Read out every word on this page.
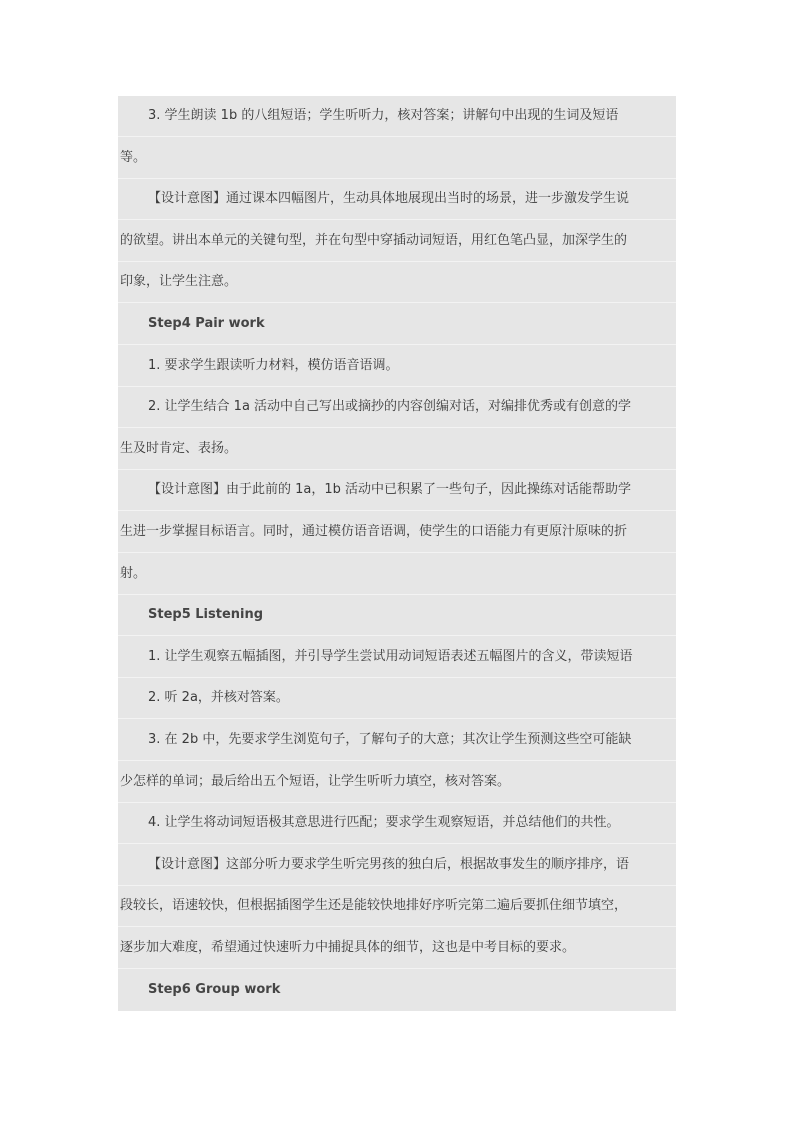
3. 学生朗读 1b 的八组短语；学生听听力，核对答案；讲解句中出现的生词及短语
等。
【设计意图】通过课本四幅图片，生动具体地展现出当时的场景，进一步激发学生说
的欲望。讲出本单元的关键句型，并在句型中穿插动词短语，用红色笔凸显，加深学生的
印象，让学生注意。
Step4 Pair work
1. 要求学生跟读听力材料，模仿语音语调。
2. 让学生结合 1a 活动中自己写出或摘抄的内容创编对话，对编排优秀或有创意的学
生及时肯定、表扬。
【设计意图】由于此前的 1a，1b 活动中已积累了一些句子，因此操练对话能帮助学
生进一步掌握目标语言。同时，通过模仿语音语调，使学生的口语能力有更原汁原味的折
射。
Step5 Listening
1. 让学生观察五幅插图，并引导学生尝试用动词短语表述五幅图片的含义，带读短语
2. 听 2a，并核对答案。
3. 在 2b 中，先要求学生浏览句子，了解句子的大意；其次让学生预测这些空可能缺
少怎样的单词；最后给出五个短语，让学生听听力填空，核对答案。
4. 让学生将动词短语极其意思进行匹配；要求学生观察短语，并总结他们的共性。
【设计意图】这部分听力要求学生听完男孩的独白后，根据故事发生的顺序排序，语
段较长，语速较快，但根据插图学生还是能较快地排好序听完第二遍后要抓住细节填空，
逐步加大难度，希望通过快速听力中捕捉具体的细节，这也是中考目标的要求。
Step6 Group work
